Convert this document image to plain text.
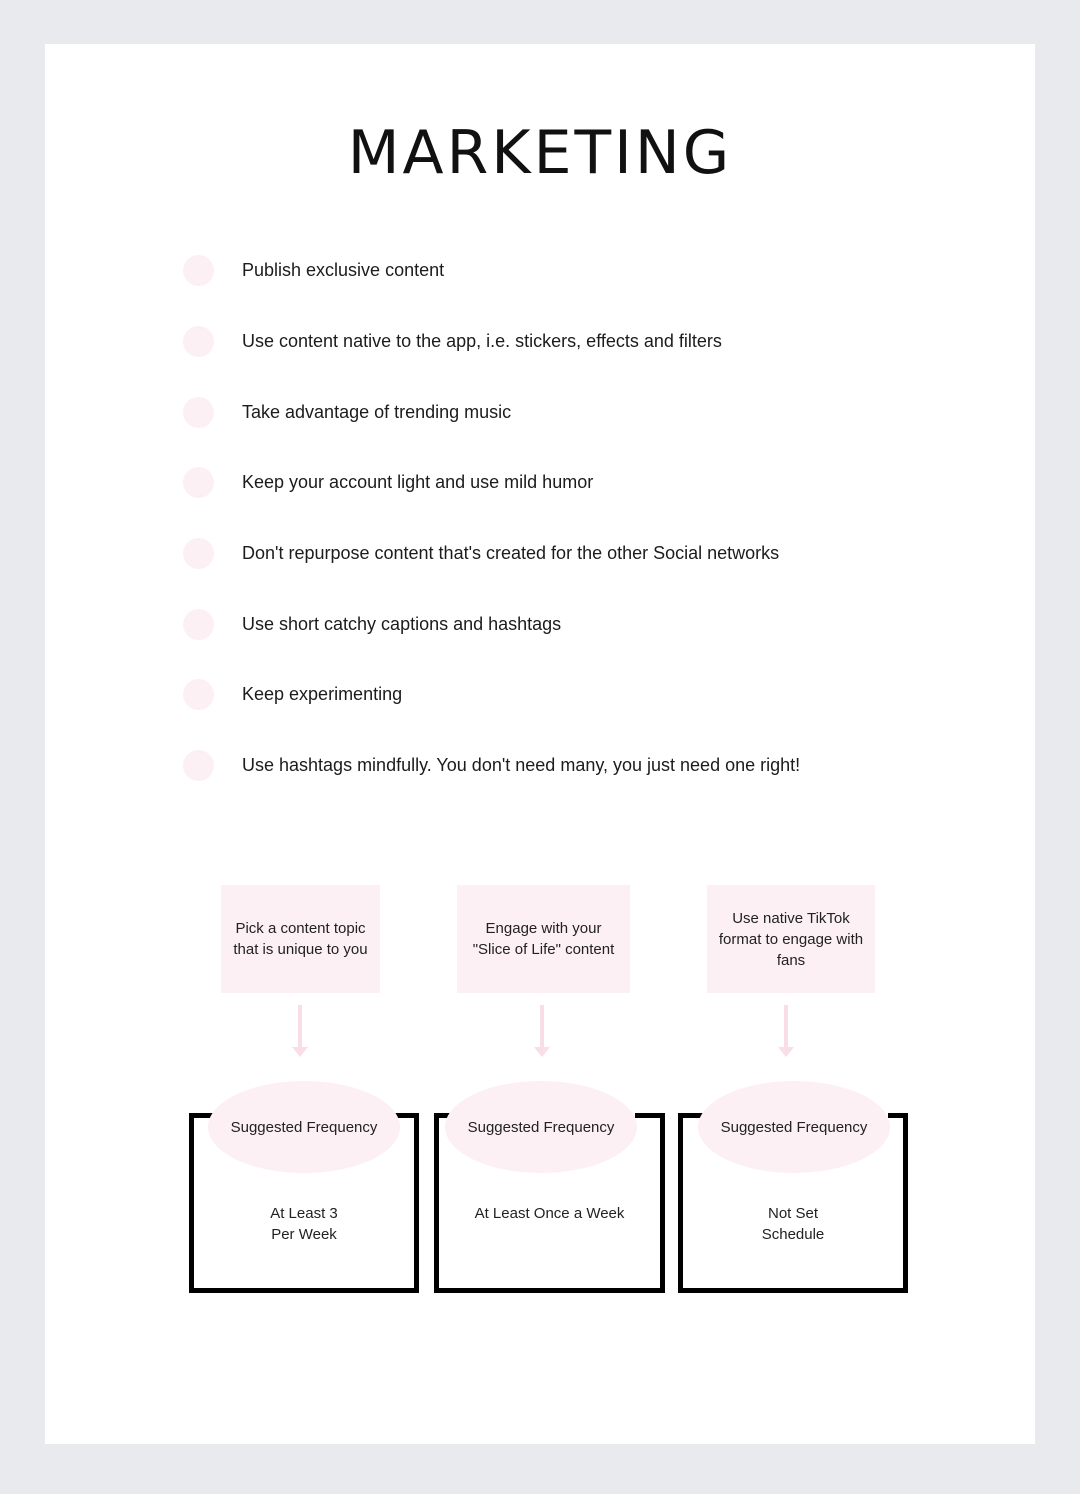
MARKETING
Publish exclusive content
Use content native to the app, i.e. stickers, effects and filters
Take advantage of trending music
Keep your account light and use mild humor
Don't repurpose content that's created for the other Social networks
Use short catchy captions and hashtags
Keep experimenting
Use hashtags mindfully. You don't need many, you just need one right!
Pick a content topic that is unique to you
Suggested Frequency
At Least 3
Per Week
Engage with your "Slice of Life" content
Suggested Frequency
At Least Once a Week
Use native TikTok format to engage with fans
Suggested Frequency
Not Set
Schedule
